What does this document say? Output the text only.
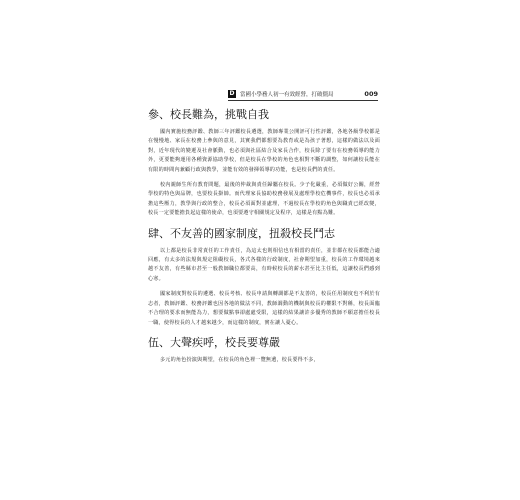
D 當國小學務人初一有效經營，打破僵局	009
參、校長難為，挑戰自我

國內實施校務評鑑、教師三年評鑑校長遴選，教師專業公開評可行性評鑑，各地各級學校都是在慢慢地、家長在校務上參與的意見，其實我們都想要為教育或是為孩子著想，這樣的做法以及面對，近年現代的變遷及社會脈動，也必須與社區結合及家長合作，校長除了要有在校務領導的能力外，更要能夠運用各種資源協助學校，但是校長在學校的角色也相對不斷的調整，如何讓校長能在有限的時間內兼顧行政與教學，並能有效的發揮領導的功能，也是校長們的責任。

校內親師生所有教育問題，最後的仲裁與責任歸屬在校長。少子化嚴重，必須做好公關，經營學校的特色與品牌，也要校長掛帥。而代理家長協助校務發展及處理學校危機事件，校長也必須承擔這些壓力，教學與行政的整合，校長必須面對並處理，不過校長在學校的角色與職責已經改變，校長一定要能擔負起這樣的使命，也須要遵守相關規定及程序，這樣是有點為難。

肆、不友善的國家制度，扭殺校長鬥志

以上都是校長非常責任的工作責任，為這太也則相信也有相當的責任，並非都在校長都能合適回應，有太多的法規與規定阻礙校長，各式各樣的行政制度，社會期望加重，校長的工作環境越來越不友善，有些縣市甚至一般教師職位都要高，有時候校長的薪水甚至比主任低，這讓校長們感到心寒。

國家制度對校長的遴選、校長考核、校長申請與轉調都是不友善的，校長任用制度也不利於有志者，教師評鑑、校務評鑑也因各地的做法不同，教師調動的機制與校長的權限不對稱，校長面臨不合理的要求而無能為力，想要做點事卻處處受限，這樣的結果讓許多優秀的教師不願意擔任校長一職，使得校長的人才越來越少，而這樣的制度，實在讓人憂心。

伍、大聲疾呼，校長要尊嚴

多元的角色扮演與期望，在校長的角色裡一覽無遺，校長要得不多，
